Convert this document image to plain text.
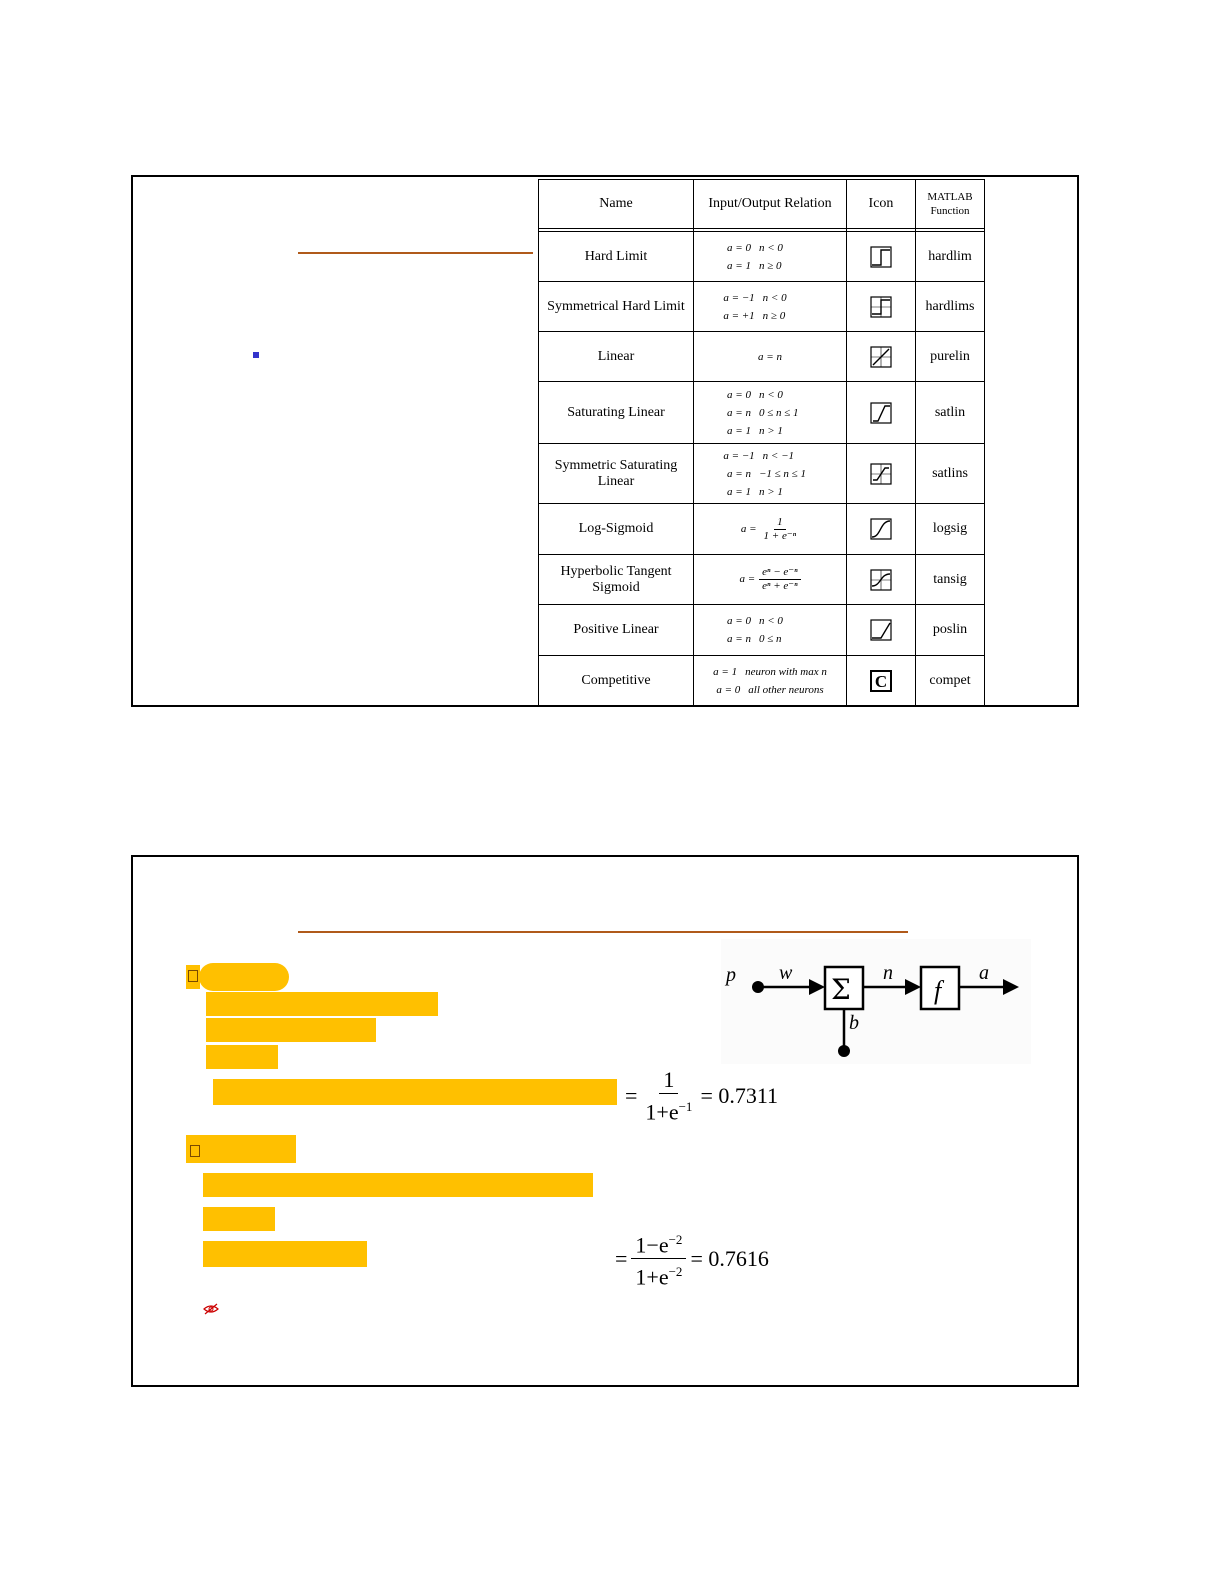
Name	Input/Output Relation	Icon	MATLAB
Function

Hard Limit	a = 0 n < 0
a = 1 n ≥ 0		hardlim
Symmetrical Hard Limit	a = −1 n < 0
a = +1 n ≥ 0		hardlims
Linear	a = n		purelin
Saturating Linear	a = 0 n < 0
a = n 0 ≤ n ≤ 1
a = 1 n > 1		satlin
Symmetric Saturating Linear	a = −1 n < −1
a = n −1 ≤ n ≤ 1
a = 1 n > 1		satlins
Log-Sigmoid	$a = \frac{1}{\text{1 + e⁻ⁿ}}$		logsig
Hyperbolic Tangent Sigmoid	$a = \frac{\text{eⁿ − e⁻ⁿ}}{\text{eⁿ + e⁻ⁿ}}$		tansig
Positive Linear	a = 0 n < 0
a = n 0 ≤ n		poslin
Competitive	a = 1 neuron with max n
a = 0 all other neurons	C	compet
= $\frac{1}{1+e^{-1}} = 0.7311$
= $\frac{1-e^{-2}}{1+e^{-2}} = 0.7616$
p w Σ
b
n
f
a
